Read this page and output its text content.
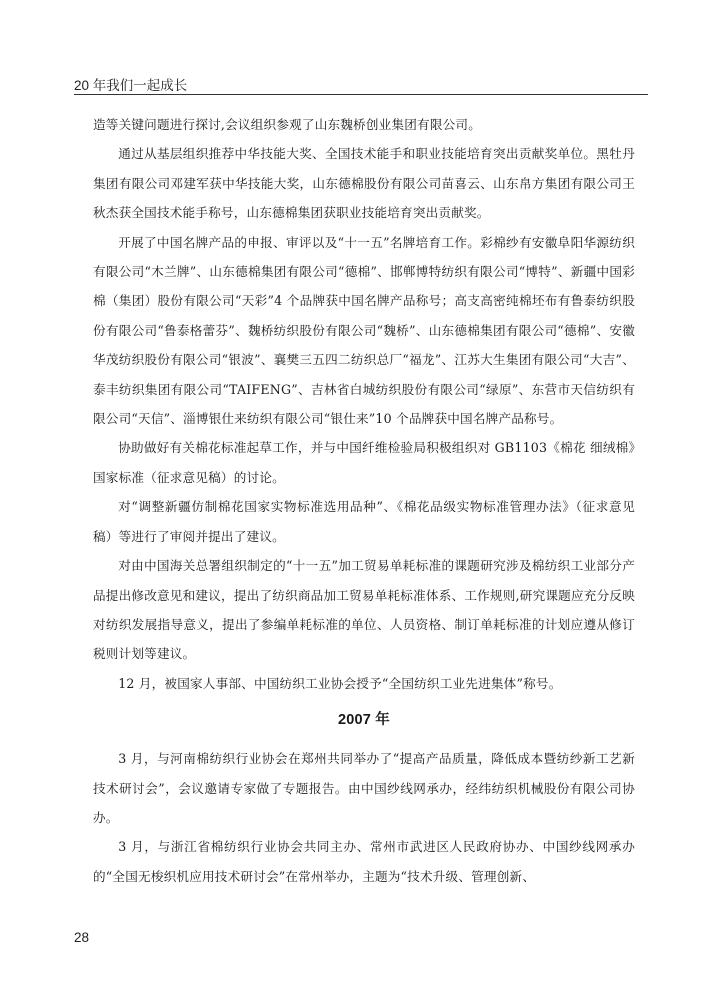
20 年我们一起成长

造等关键问题进行探讨,会议组织参观了山东魏桥创业集团有限公司。

通过从基层组织推荐中华技能大奖、全国技术能手和职业技能培育突出贡献奖单位。黑牡丹集团有限公司邓建军获中华技能大奖，山东德棉股份有限公司苗喜云、山东帛方集团有限公司王秋杰获全国技术能手称号，山东德棉集团获职业技能培育突出贡献奖。

开展了中国名牌产品的申报、审评以及“十一五”名牌培育工作。彩棉纱有安徽阜阳华源纺织有限公司“木兰牌”、山东德棉集团有限公司“德棉”、邯郸博特纺织有限公司“博特”、新疆中国彩棉（集团）股份有限公司“天彩”4 个品牌获中国名牌产品称号；高支高密纯棉坯布有鲁泰纺织股份有限公司“鲁泰格蕾芬”、魏桥纺织股份有限公司“魏桥”、山东德棉集团有限公司“德棉”、安徽华茂纺织股份有限公司“银波”、襄樊三五四二纺织总厂“福龙”、江苏大生集团有限公司“大吉”、泰丰纺织集团有限公司“TAIFENG”、吉林省白城纺织股份有限公司“绿原”、东营市天信纺织有限公司“天信”、淄博银仕来纺织有限公司“银仕来”10 个品牌获中国名牌产品称号。

协助做好有关棉花标准起草工作，并与中国纤维检验局积极组织对 GB1103《棉花 细绒棉》国家标准（征求意见稿）的讨论。

对“调整新疆仿制棉花国家实物标准选用品种”、《棉花品级实物标准管理办法》（征求意见稿）等进行了审阅并提出了建议。

对由中国海关总署组织制定的“十一五”加工贸易单耗标准的课题研究涉及棉纺织工业部分产品提出修改意见和建议，提出了纺织商品加工贸易单耗标准体系、工作规则,研究课题应充分反映对纺织发展指导意义，提出了参编单耗标准的单位、人员资格、制订单耗标准的计划应遵从修订税则计划等建议。

12 月，被国家人事部、中国纺织工业协会授予“全国纺织工业先进集体”称号。

2007 年

3 月，与河南棉纺织行业协会在郑州共同举办了“提高产品质量，降低成本暨纺纱新工艺新技术研讨会”，会议邀请专家做了专题报告。由中国纱线网承办，经纬纺织机械股份有限公司协办。

3 月，与浙江省棉纺织行业协会共同主办、常州市武进区人民政府协办、中国纱线网承办的“全国无梭织机应用技术研讨会”在常州举办，主题为“技术升级、管理创新、

28
